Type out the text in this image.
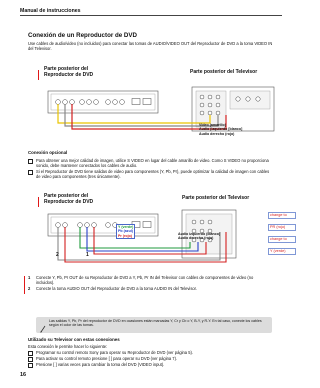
Manual de instrucciones
Conexión de un Reproductor de DVD
Use cables de audio/video (no incluidos) para conectar las tomas de AUDIO/VIDEO OUT del Reproductor de DVD a la toma VIDEO IN del Televisor.
Parte posterior del
Reproductor de DVD	Parte posterior del Televisor
Video (amarillo)
Audio (izquierdo [blanco]
Audio derecho (rojo)
Conexión opcional
Para obtener una mejor calidad de imagen, utilice S VIDEO en lugar del cable amarillo de video. Como S VIDEO no proporciona sonido, debe mantener conectados los cables de audio.
Si el Reproductor de DVD tiene salidas de video para componentes (Y, Pb, Pr), puede optimizar la calidad de imagen con cables de video para componentes (tres únicamente).
Parte posterior del
Reproductor de DVD
Parte posterior del Televisor
Y (verde)
Pb (azul)
Pr (rojo)	Audio izquierdo (blanco)
Audio derecho (rojo)
2	1
change to
PR (rojo)
change to
Y (verde)
1	Conecte Y, Pb, Pr OUT de su Reproductor de DVD a Y, Pb, Pr IN del Televisor con cables de componentes de video (no incluidos).
2	Conecte la toma AUDIO OUT del Reproductor de DVD a la toma AUDIO IN del Televisor.
Las salidas Y, Pb, Pr del reproductor de DVD en ocasiones están marcadas Y, Cr y Cb o Y, B-Y, y R-Y. En tal caso, conecte los cables según el color de las tomas.
Utilizado su Televisor con estas conexiones
Esta conexión le permite hacer lo siguiente:
Programar su control remoto Sony para operar su Reproductor de DVD (ver página 5).
Para activar su control remoto presione [ ] para operar su DVD (ver página 7).
Presione [ ] varias veces para cambiar la toma del DVD (VIDEO input).
16
